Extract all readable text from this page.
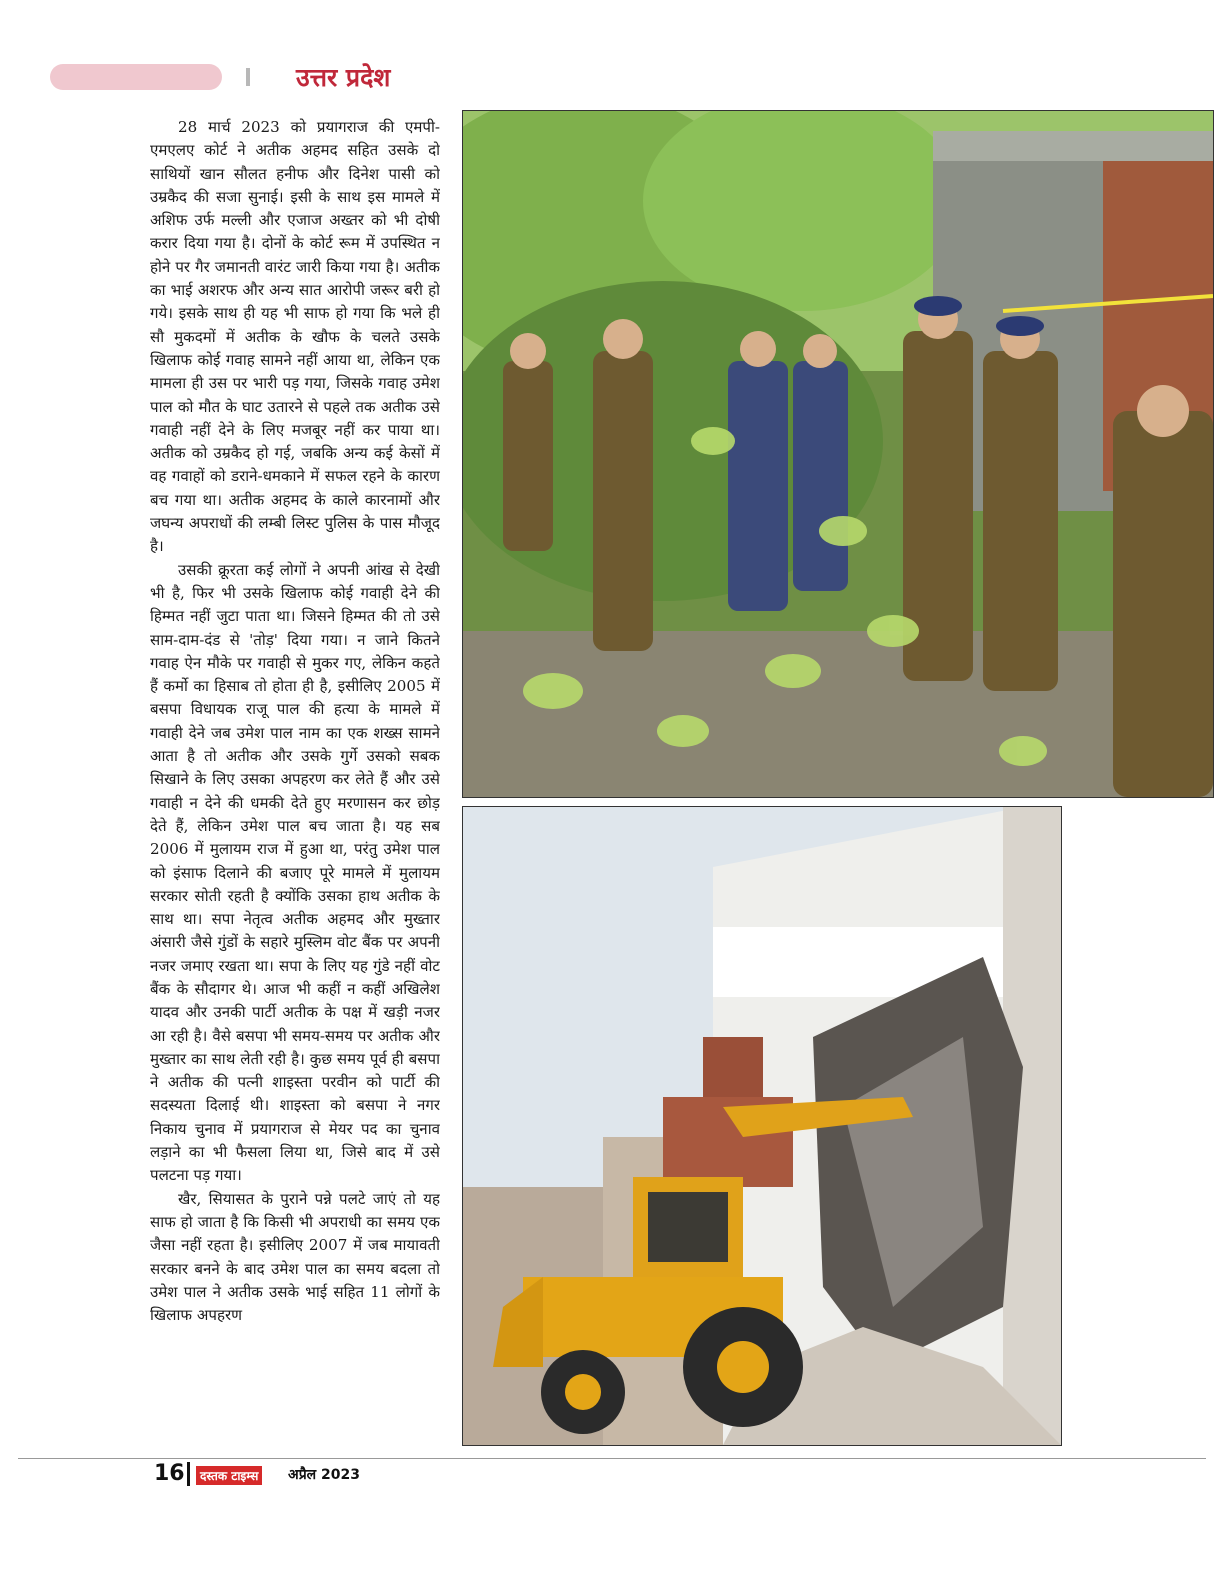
उत्तर प्रदेश

28 मार्च 2023 को प्रयागराज की एमपी-एमएलए कोर्ट ने अतीक अहमद सहित उसके दो साथियों खान सौलत हनीफ और दिनेश पासी को उम्रकैद की सजा सुनाई। इसी के साथ इस मामले में अशिफ उर्फ मल्ली और एजाज अख्तर को भी दोषी करार दिया गया है। दोनों के कोर्ट रूम में उपस्थित न होने पर गैर जमानती वारंट जारी किया गया है। अतीक का भाई अशरफ और अन्य सात आरोपी जरूर बरी हो गये। इसके साथ ही यह भी साफ हो गया कि भले ही सौ मुकदमों में अतीक के खौफ के चलते उसके खिलाफ कोई गवाह सामने नहीं आया था, लेकिन एक मामला ही उस पर भारी पड़ गया, जिसके गवाह उमेश पाल को मौत के घाट उतारने से पहले तक अतीक उसे गवाही नहीं देने के लिए मजबूर नहीं कर पाया था। अतीक को उम्रकैद हो गई, जबकि अन्य कई केसों में वह गवाहों को डराने-धमकाने में सफल रहने के कारण बच गया था। अतीक अहमद के काले कारनामों और जघन्य अपराधों की लम्बी लिस्ट पुलिस के पास मौजूद है।

उसकी क्रूरता कई लोगों ने अपनी आंख से देखी भी है, फिर भी उसके खिलाफ कोई गवाही देने की हिम्मत नहीं जुटा पाता था। जिसने हिम्मत की तो उसे साम-दाम-दंड से 'तोड़' दिया गया। न जाने कितने गवाह ऐन मौके पर गवाही से मुकर गए, लेकिन कहते हैं कर्मो का हिसाब तो होता ही है, इसीलिए 2005 में बसपा विधायक राजू पाल की हत्या के मामले में गवाही देने जब उमेश पाल नाम का एक शख्स सामने आता है तो अतीक और उसके गुर्गे उसको सबक सिखाने के लिए उसका अपहरण कर लेते हैं और उसे गवाही न देने की धमकी देते हुए मरणासन कर छोड़ देते हैं, लेकिन उमेश पाल बच जाता है। यह सब 2006 में मुलायम राज में हुआ था, परंतु उमेश पाल को इंसाफ दिलाने की बजाए पूरे मामले में मुलायम सरकार सोती रहती है क्योंकि उसका हाथ अतीक के साथ था। सपा नेतृत्व अतीक अहमद और मुख्तार अंसारी जैसे गुंडों के सहारे मुस्लिम वोट बैंक पर अपनी नजर जमाए रखता था। सपा के लिए यह गुंडे नहीं वोट बैंक के सौदागर थे। आज भी कहीं न कहीं अखिलेश यादव और उनकी पार्टी अतीक के पक्ष में खड़ी नजर आ रही है। वैसे बसपा भी समय-समय पर अतीक और मुख्तार का साथ लेती रही है। कुछ समय पूर्व ही बसपा ने अतीक की पत्नी शाइस्ता परवीन को पार्टी की सदस्यता दिलाई थी। शाइस्ता को बसपा ने नगर निकाय चुनाव में प्रयागराज से मेयर पद का चुनाव लड़ाने का भी फैसला लिया था, जिसे बाद में उसे पलटना पड़ गया।

खैर, सियासत के पुराने पन्ने पलटे जाएं तो यह साफ हो जाता है कि किसी भी अपराधी का समय एक जैसा नहीं रहता है। इसीलिए 2007 में जब मायावती सरकार बनने के बाद उमेश पाल का समय बदला तो उमेश पाल ने अतीक उसके भाई सहित 11 लोगों के खिलाफ अपहरण

16	दस्तक टाइम्स अप्रैल 2023
